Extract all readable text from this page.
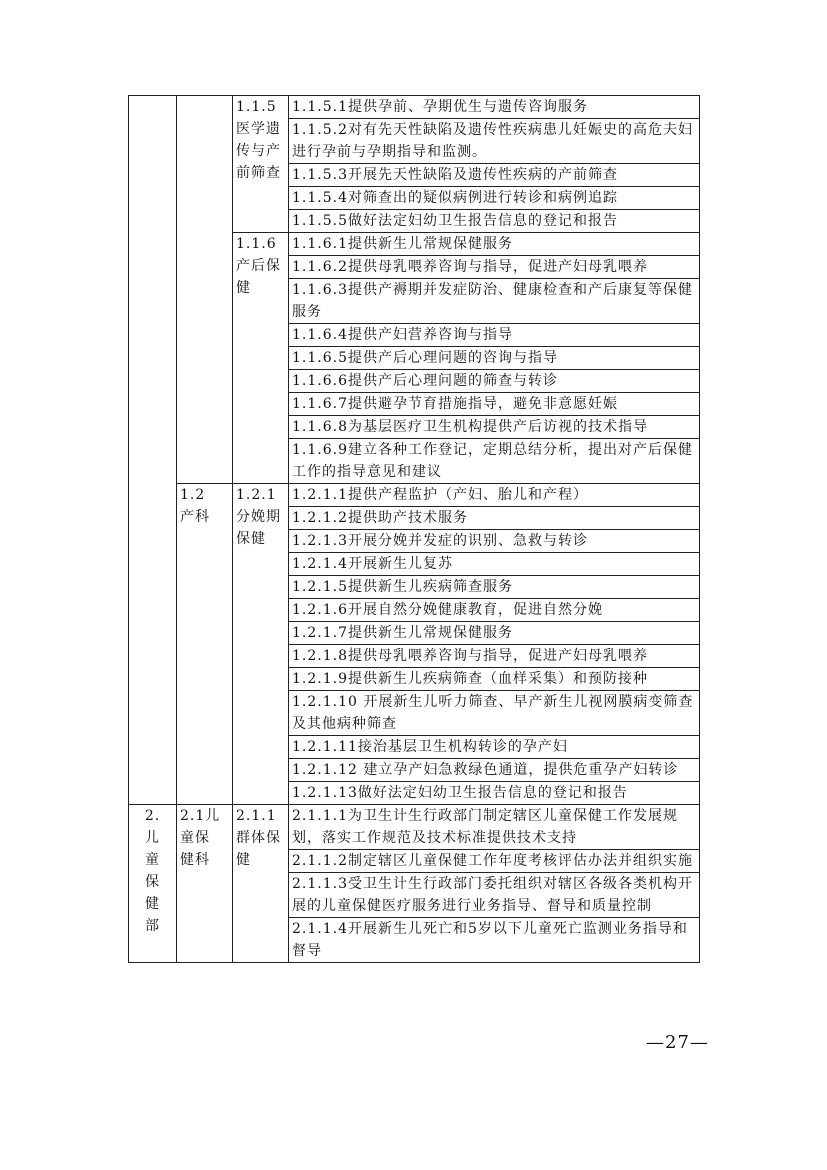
		1.1.5医学遗传与产前筛查	1.1.5.1提供孕前、孕期优生与遗传咨询服务
			1.1.5.2对有先天性缺陷及遗传性疾病患儿妊娠史的高危夫妇进行孕前与孕期指导和监测。
			1.1.5.3开展先天性缺陷及遗传性疾病的产前筛查
			1.1.5.4对筛查出的疑似病例进行转诊和病例追踪
			1.1.5.5做好法定妇幼卫生报告信息的登记和报告
		1.1.6产后保健	1.1.6.1提供新生儿常规保健服务
			1.1.6.2提供母乳喂养咨询与指导，促进产妇母乳喂养
			1.1.6.3提供产褥期并发症防治、健康检查和产后康复等保健服务
			1.1.6.4提供产妇营养咨询与指导
			1.1.6.5提供产后心理问题的咨询与指导
			1.1.6.6提供产后心理问题的筛查与转诊
			1.1.6.7提供避孕节育措施指导，避免非意愿妊娠
			1.1.6.8为基层医疗卫生机构提供产后访视的技术指导
			1.1.6.9建立各种工作登记，定期总结分析，提出对产后保健工作的指导意见和建议
	1.2产科	1.2.1分娩期保健	1.2.1.1提供产程监护（产妇、胎儿和产程）
			1.2.1.2提供助产技术服务
			1.2.1.3开展分娩并发症的识别、急救与转诊
			1.2.1.4开展新生儿复苏
			1.2.1.5提供新生儿疾病筛查服务
			1.2.1.6开展自然分娩健康教育，促进自然分娩
			1.2.1.7提供新生儿常规保健服务
			1.2.1.8提供母乳喂养咨询与指导，促进产妇母乳喂养
			1.2.1.9提供新生儿疾病筛查（血样采集）和预防接种
			1.2.1.10 开展新生儿听力筛查、早产新生儿视网膜病变筛查及其他病种筛查
			1.2.1.11接治基层卫生机构转诊的孕产妇
			1.2.1.12 建立孕产妇急救绿色通道，提供危重孕产妇转诊
			1.2.1.13做好法定妇幼卫生报告信息的登记和报告
2.儿童保健部	2.1儿童保健科	2.1.1群体保健	2.1.1.1为卫生计生行政部门制定辖区儿童保健工作发展规划，落实工作规范及技术标准提供技术支持
			2.1.1.2制定辖区儿童保健工作年度考核评估办法并组织实施
			2.1.1.3受卫生计生行政部门委托组织对辖区各级各类机构开展的儿童保健医疗服务进行业务指导、督导和质量控制
			2.1.1.4开展新生儿死亡和5岁以下儿童死亡监测业务指导和督导
—27—
